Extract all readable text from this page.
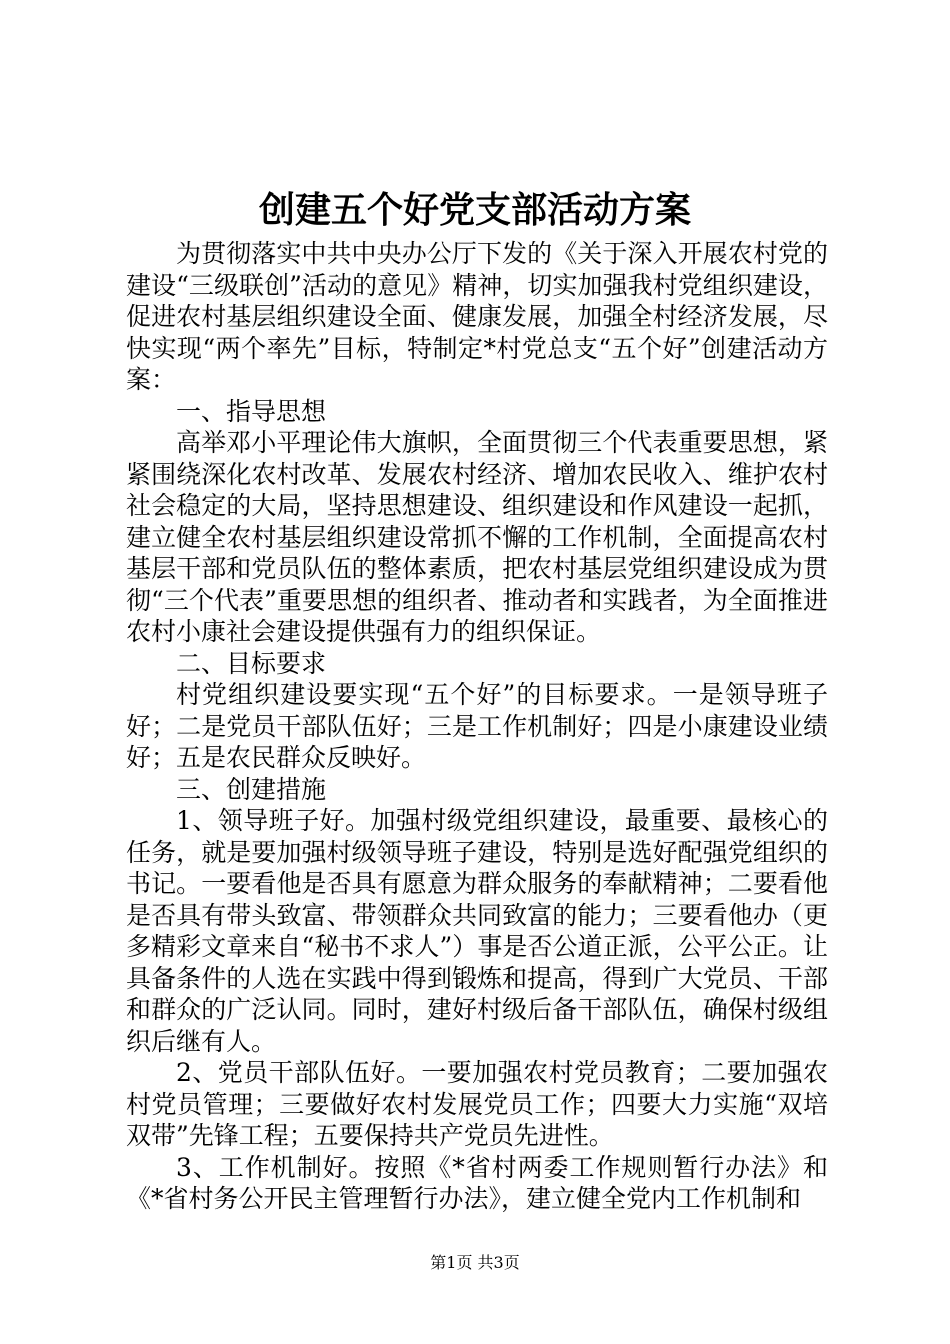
创建五个好党支部活动方案

为贯彻落实中共中央办公厅下发的《关于深入开展农村党的建设“三级联创”活动的意见》精神，切实加强我村党组织建设，促进农村基层组织建设全面、健康发展，加强全村经济发展，尽快实现“两个率先”目标，特制定*村党总支“五个好”创建活动方案：

一、指导思想

高举邓小平理论伟大旗帜，全面贯彻三个代表重要思想，紧紧围绕深化农村改革、发展农村经济、增加农民收入、维护农村社会稳定的大局，坚持思想建设、组织建设和作风建设一起抓，建立健全农村基层组织建设常抓不懈的工作机制，全面提高农村基层干部和党员队伍的整体素质，把农村基层党组织建设成为贯彻“三个代表”重要思想的组织者、推动者和实践者，为全面推进农村小康社会建设提供强有力的组织保证。

二、目标要求

村党组织建设要实现“五个好”的目标要求。一是领导班子好；二是党员干部队伍好；三是工作机制好；四是小康建设业绩好；五是农民群众反映好。

三、创建措施

1、领导班子好。加强村级党组织建设，最重要、最核心的任务，就是要加强村级领导班子建设，特别是选好配强党组织的书记。一要看他是否具有愿意为群众服务的奉献精神；二要看他是否具有带头致富、带领群众共同致富的能力；三要看他办（更多精彩文章来自“秘书不求人”）事是否公道正派，公平公正。让具备条件的人选在实践中得到锻炼和提高，得到广大党员、干部和群众的广泛认同。同时，建好村级后备干部队伍，确保村级组织后继有人。

2、党员干部队伍好。一要加强农村党员教育；二要加强农村党员管理；三要做好农村发展党员工作；四要大力实施“双培双带”先锋工程；五要保持共产党员先进性。

3、工作机制好。按照《*省村两委工作规则暂行办法》和《*省村务公开民主管理暂行办法》，建立健全党内工作机制和

第1页 共3页
